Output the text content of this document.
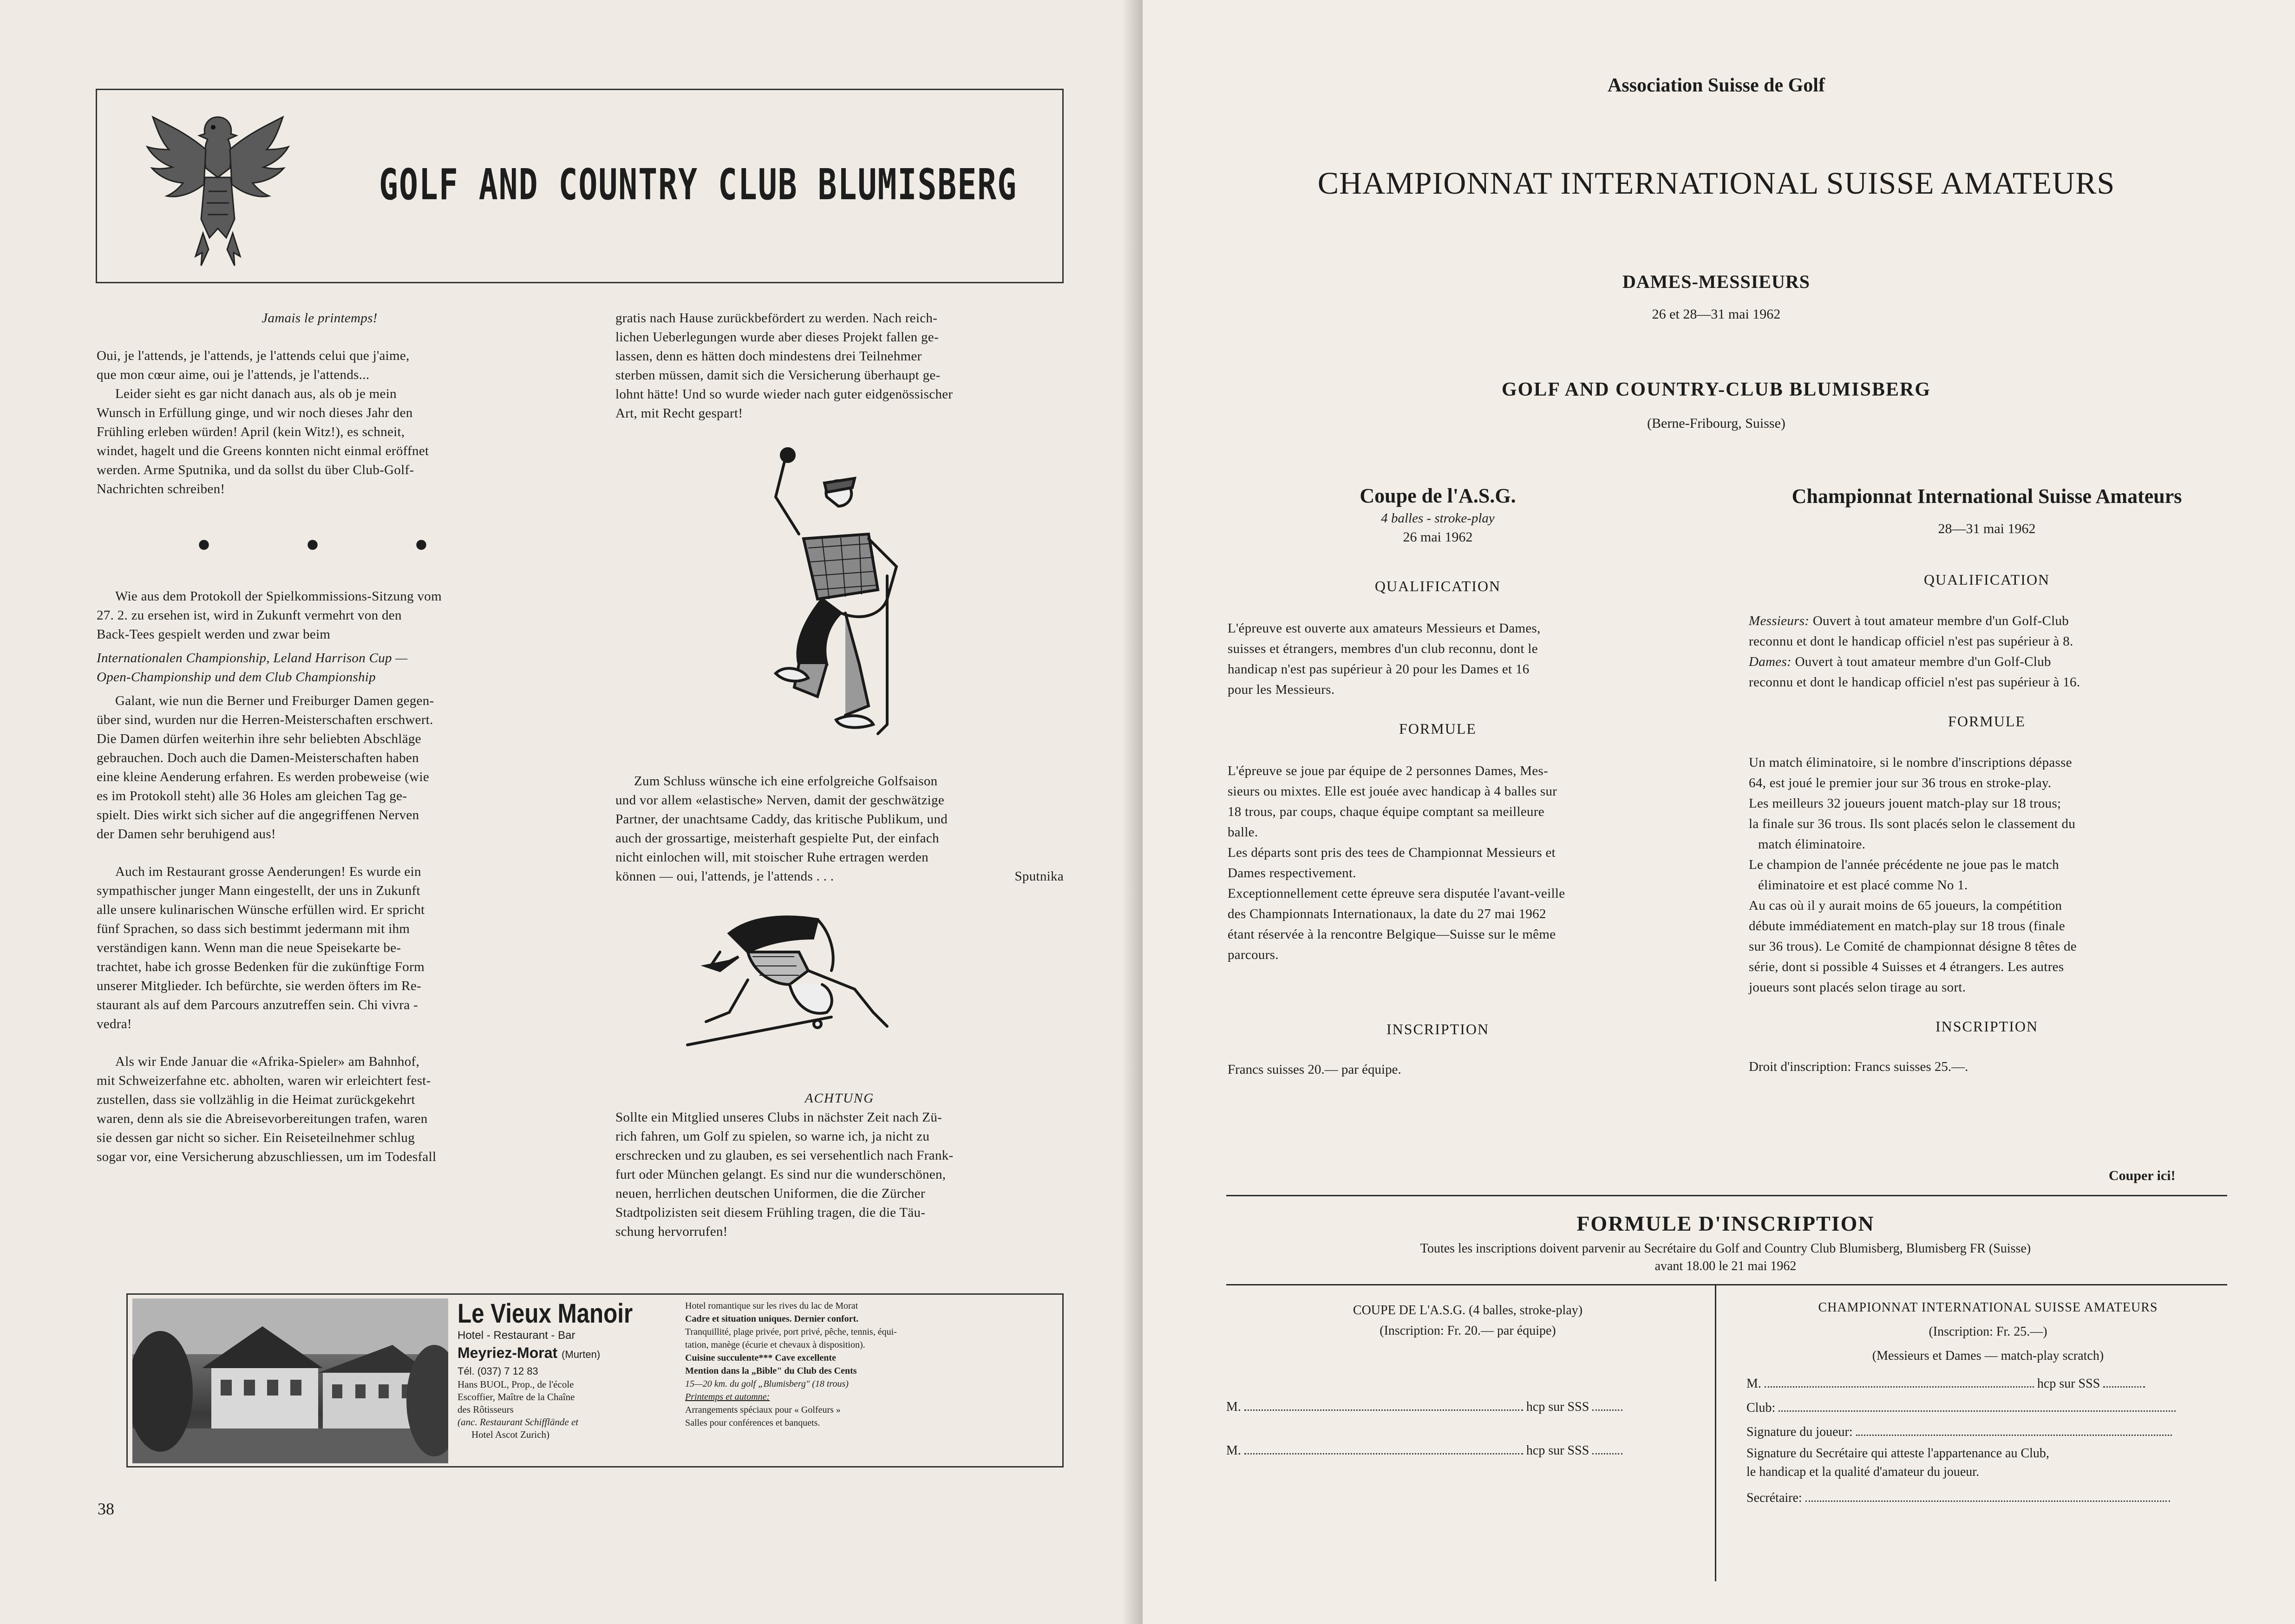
GOLF AND COUNTRY CLUB BLUMISBERG

Jamais le printemps!

Oui, je l'attends, je l'attends, je l'attends celui que j'aime,
que mon cœur aime, oui je l'attends, je l'attends...
Leider sieht es gar nicht danach aus, als ob je mein
Wunsch in Erfüllung ginge, und wir noch dieses Jahr den
Frühling erleben würden! April (kein Witz!), es schneit,
windet, hagelt und die Greens konnten nicht einmal eröffnet
werden. Arme Sputnika, und da sollst du über Club-Golf-
Nachrichten schreiben!

• • •

Wie aus dem Protokoll der Spielkommissions-Sitzung vom
27. 2. zu ersehen ist, wird in Zukunft vermehrt von den
Back-Tees gespielt werden und zwar beim

Internationalen Championship, Leland Harrison Cup —
Open-Championship und dem Club Championship

Galant, wie nun die Berner und Freiburger Damen gegen-
über sind, wurden nur die Herren-Meisterschaften erschwert.
Die Damen dürfen weiterhin ihre sehr beliebten Abschläge
gebrauchen. Doch auch die Damen-Meisterschaften haben
eine kleine Aenderung erfahren. Es werden probeweise (wie
es im Protokoll steht) alle 36 Holes am gleichen Tag ge-
spielt. Dies wirkt sich sicher auf die angegriffenen Nerven
der Damen sehr beruhigend aus!

Auch im Restaurant grosse Aenderungen! Es wurde ein
sympathischer junger Mann eingestellt, der uns in Zukunft
alle unsere kulinarischen Wünsche erfüllen wird. Er spricht
fünf Sprachen, so dass sich bestimmt jedermann mit ihm
verständigen kann. Wenn man die neue Speisekarte be-
trachtet, habe ich grosse Bedenken für die zukünftige Form
unserer Mitglieder. Ich befürchte, sie werden öfters im Re-
staurant als auf dem Parcours anzutreffen sein. Chi vivra -
vedra!

Als wir Ende Januar die «Afrika-Spieler» am Bahnhof,
mit Schweizerfahne etc. abholten, waren wir erleichtert fest-
zustellen, dass sie vollzählig in die Heimat zurückgekehrt
waren, denn als sie die Abreisevorbereitungen trafen, waren
sie dessen gar nicht so sicher. Ein Reiseteilnehmer schlug
sogar vor, eine Versicherung abzuschliessen, um im Todesfall

gratis nach Hause zurückbefördert zu werden. Nach reich-
lichen Ueberlegungen wurde aber dieses Projekt fallen ge-
lassen, denn es hätten doch mindestens drei Teilnehmer
sterben müssen, damit sich die Versicherung überhaupt ge-
lohnt hätte! Und so wurde wieder nach guter eidgenössischer
Art, mit Recht gespart!

Zum Schluss wünsche ich eine erfolgreiche Golfsaison
und vor allem «elastische» Nerven, damit der geschwätzige
Partner, der unachtsame Caddy, das kritische Publikum, und
auch der grossartige, meisterhaft gespielte Put, der einfach
nicht einlochen will, mit stoischer Ruhe ertragen werden
können — oui, l'attends, je l'attends . . .	Sputnika

ACHTUNG

Sollte ein Mitglied unseres Clubs in nächster Zeit nach Zü-
rich fahren, um Golf zu spielen, so warne ich, ja nicht zu
erschrecken und zu glauben, es sei versehentlich nach Frank-
furt oder München gelangt. Es sind nur die wunderschönen,
neuen, herrlichen deutschen Uniformen, die die Zürcher
Stadtpolizisten seit diesem Frühling tragen, die die Täu-
schung hervorrufen!

Le Vieux Manoir
Hotel - Restaurant - Bar
Meyriez-Morat (Murten)
Tél. (037) 7 12 83
Hans BUOL, Prop., de l'école
Escoffier, Maître de la Chaîne
des Rôtisseurs
(anc. Restaurant Schifflände et
Hotel Ascot Zurich)
Hotel romantique sur les rives du lac de Morat
Cadre et situation uniques. Dernier confort.
Tranquillité, plage privée, port privé, pêche, tennis, équi-
tation, manège (écurie et chevaux à disposition).
Cuisine succulente*** Cave excellente
Mention dans la „Bible" du Club des Cents
15—20 km. du golf „Blumisberg" (18 trous)
Printemps et automne:
Arrangements spéciaux pour « Golfeurs »
Salles pour conférences et banquets.
38
Association Suisse de Golf
CHAMPIONNAT INTERNATIONAL SUISSE AMATEURS
DAMES-MESSIEURS
26 et 28—31 mai 1962
GOLF AND COUNTRY-CLUB BLUMISBERG
(Berne-Fribourg, Suisse)
Coupe de l'A.S.G.
4 balles - stroke-play
26 mai 1962
QUALIFICATION
L'épreuve est ouverte aux amateurs Messieurs et Dames,
suisses et étrangers, membres d'un club reconnu, dont le
handicap n'est pas supérieur à 20 pour les Dames et 16
pour les Messieurs.
FORMULE
L'épreuve se joue par équipe de 2 personnes Dames, Mes-
sieurs ou mixtes. Elle est jouée avec handicap à 4 balles sur
18 trous, par coups, chaque équipe comptant sa meilleure
balle.
Les départs sont pris des tees de Championnat Messieurs et
Dames respectivement.
Exceptionnellement cette épreuve sera disputée l'avant-veille
des Championnats Internationaux, la date du 27 mai 1962
étant réservée à la rencontre Belgique—Suisse sur le même
parcours.
INSCRIPTION
Francs suisses 20.— par équipe.
Championnat International Suisse Amateurs
28—31 mai 1962
QUALIFICATION
Messieurs: Ouvert à tout amateur membre d'un Golf-Club
reconnu et dont le handicap officiel n'est pas supérieur à 8.
Dames: Ouvert à tout amateur membre d'un Golf-Club
reconnu et dont le handicap officiel n'est pas supérieur à 16.
FORMULE
Un match éliminatoire, si le nombre d'inscriptions dépasse
64, est joué le premier jour sur 36 trous en stroke-play.
Les meilleurs 32 joueurs jouent match-play sur 18 trous;
la finale sur 36 trous. Ils sont placés selon le classement du
match éliminatoire.
Le champion de l'année précédente ne joue pas le match
éliminatoire et est placé comme No 1.
Au cas où il y aurait moins de 65 joueurs, la compétition
débute immédiatement en match-play sur 18 trous (finale
sur 36 trous). Le Comité de championnat désigne 8 têtes de
série, dont si possible 4 Suisses et 4 étrangers. Les autres
joueurs sont placés selon tirage au sort.
INSCRIPTION
Droit d'inscription: Francs suisses 25.—.
Couper ici!
FORMULE D'INSCRIPTION
Toutes les inscriptions doivent parvenir au Secrétaire du Golf and Country Club Blumisberg, Blumisberg FR (Suisse)
avant 18.00 le 21 mai 1962
COUPE DE L'A.S.G. (4 balles, stroke-play)
(Inscription: Fr. 20.— par équipe)
M.	hcp sur SSS
M.	hcp sur SSS
CHAMPIONNAT INTERNATIONAL SUISSE AMATEURS
(Inscription: Fr. 25.—)
(Messieurs et Dames — match-play scratch)
M.	hcp sur SSS
Club:
Signature du joueur:
Signature du Secrétaire qui atteste l'appartenance au Club,
le handicap et la qualité d'amateur du joueur.
Secrétaire:
